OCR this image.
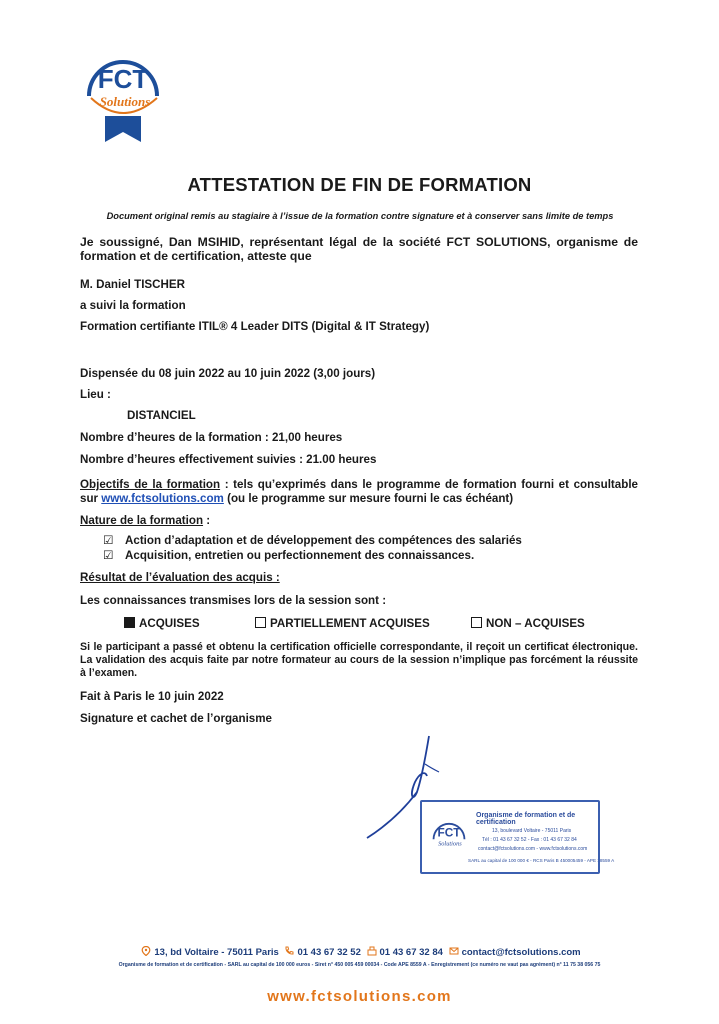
FCT
Solutions
ATTESTATION DE FIN DE FORMATION
Document original remis au stagiaire à l’issue de la formation contre signature et à conserver sans limite de temps
Je soussigné, Dan MSIHID, représentant légal de la société FCT SOLUTIONS, organisme de formation et de certification, atteste que
M. Daniel TISCHER
a suivi la formation
Formation certifiante ITIL® 4 Leader DITS (Digital & IT Strategy)
Dispensée du 08 juin 2022 au 10 juin 2022 (3,00 jours)
Lieu :
DISTANCIEL
Nombre d’heures de la formation : 21,00 heures
Nombre d’heures effectivement suivies : 21.00 heures
Objectifs de la formation : tels qu’exprimés dans le programme de formation fourni et consultable sur www.fctsolutions.com (ou le programme sur mesure fourni le cas échéant)
Nature de la formation :
☑ Action d’adaptation et de développement des compétences des salariés
☑ Acquisition, entretien ou perfectionnement des connaissances.
Résultat de l’évaluation des acquis :
Les connaissances transmises lors de la session sont :
ACQUISES	PARTIELLEMENT ACQUISES	NON – ACQUISES
Si le participant a passé et obtenu la certification officielle correspondante, il reçoit un certificat électronique. La validation des acquis faite par notre formateur au cours de la session n’implique pas forcément la réussite à l’examen.
Fait à Paris le 10 juin 2022
Signature et cachet de l’organisme
FCT
Solutions
Organisme de formation et de certification
13, boulevard Voltaire - 75011 Paris
Tél : 01 43 67 32 52 - Fax : 01 43 67 32 84
contact@fctsolutions.com - www.fctsolutions.com
SARL au capital de 100 000 € - RCS Paris B 450005459 - APE : 8559 A
13, bd Voltaire - 75011 Paris 01 43 67 32 52 01 43 67 32 84 contact@fctsolutions.com
Organisme de formation et de certification - SARL au capital de 100 000 euros - Siret n° 450 005 459 00034 - Code APE 8559 A - Enregistrement (ce numéro ne vaut pas agrément) n° 11 75 38 056 75
www.fctsolutions.com
